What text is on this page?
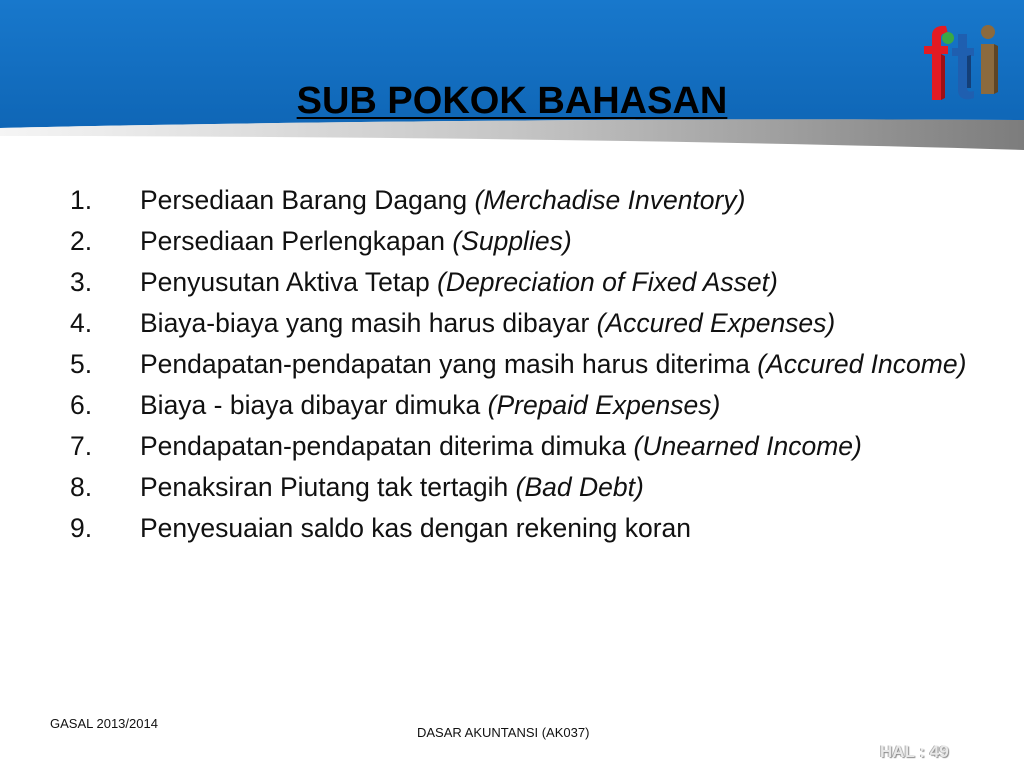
SUB POKOK BAHASAN
1.	Persediaan Barang Dagang (Merchadise Inventory)
2.	Persediaan Perlengkapan (Supplies)
3.	Penyusutan Aktiva Tetap (Depreciation of Fixed Asset)
4.	Biaya-biaya yang masih harus dibayar (Accured Expenses)
5.	Pendapatan-pendapatan yang masih harus diterima (Accured Income)
6.	Biaya - biaya dibayar dimuka (Prepaid Expenses)
7.	Pendapatan-pendapatan diterima dimuka (Unearned Income)
8.	Penaksiran Piutang tak tertagih (Bad Debt)
9.	Penyesuaian saldo kas dengan rekening koran
GASAL 2013/2014
DASAR AKUNTANSI (AK037)
HAL : 49
